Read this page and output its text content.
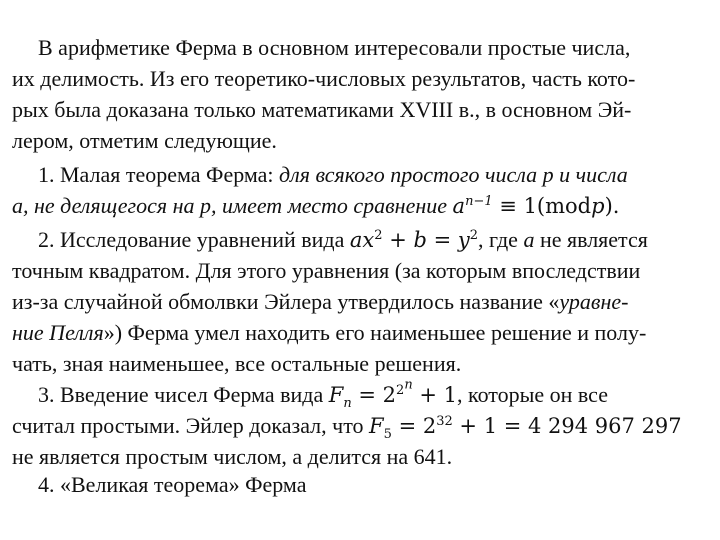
В арифметике Ферма в основном интересовали простые числа,
их делимость. Из его теоретико-числовых результатов, часть кото-
рых была доказана только математиками XVIII в., в основном Эй-
лером, отметим следующие.
1. Малая теорема Ферма: для всякого простого числа p и числа
a, не делящегося на p, имеет место сравнение $a^{n-1}$ ≡ 1(modp).
2. Исследование уравнений вида $ax^2 + b = y^2$, где a не является
точным квадратом. Для этого уравнения (за которым впоследствии
из-за случайной обмолвки Эйлера утвердилось название «уравне-
ние Пелля») Ферма умел находить его наименьшее решение и полу-
чать, зная наименьшее, все остальные решения.
3. Введение чисел Ферма вида $F_n = 2^{2^n} + 1$, которые он все
считал простыми. Эйлер доказал, что $F_5 = 2^{32} + 1 = 4$ 294 967 297
не является простым числом, а делится на 641.
4. «Великая теорема» Ферма
